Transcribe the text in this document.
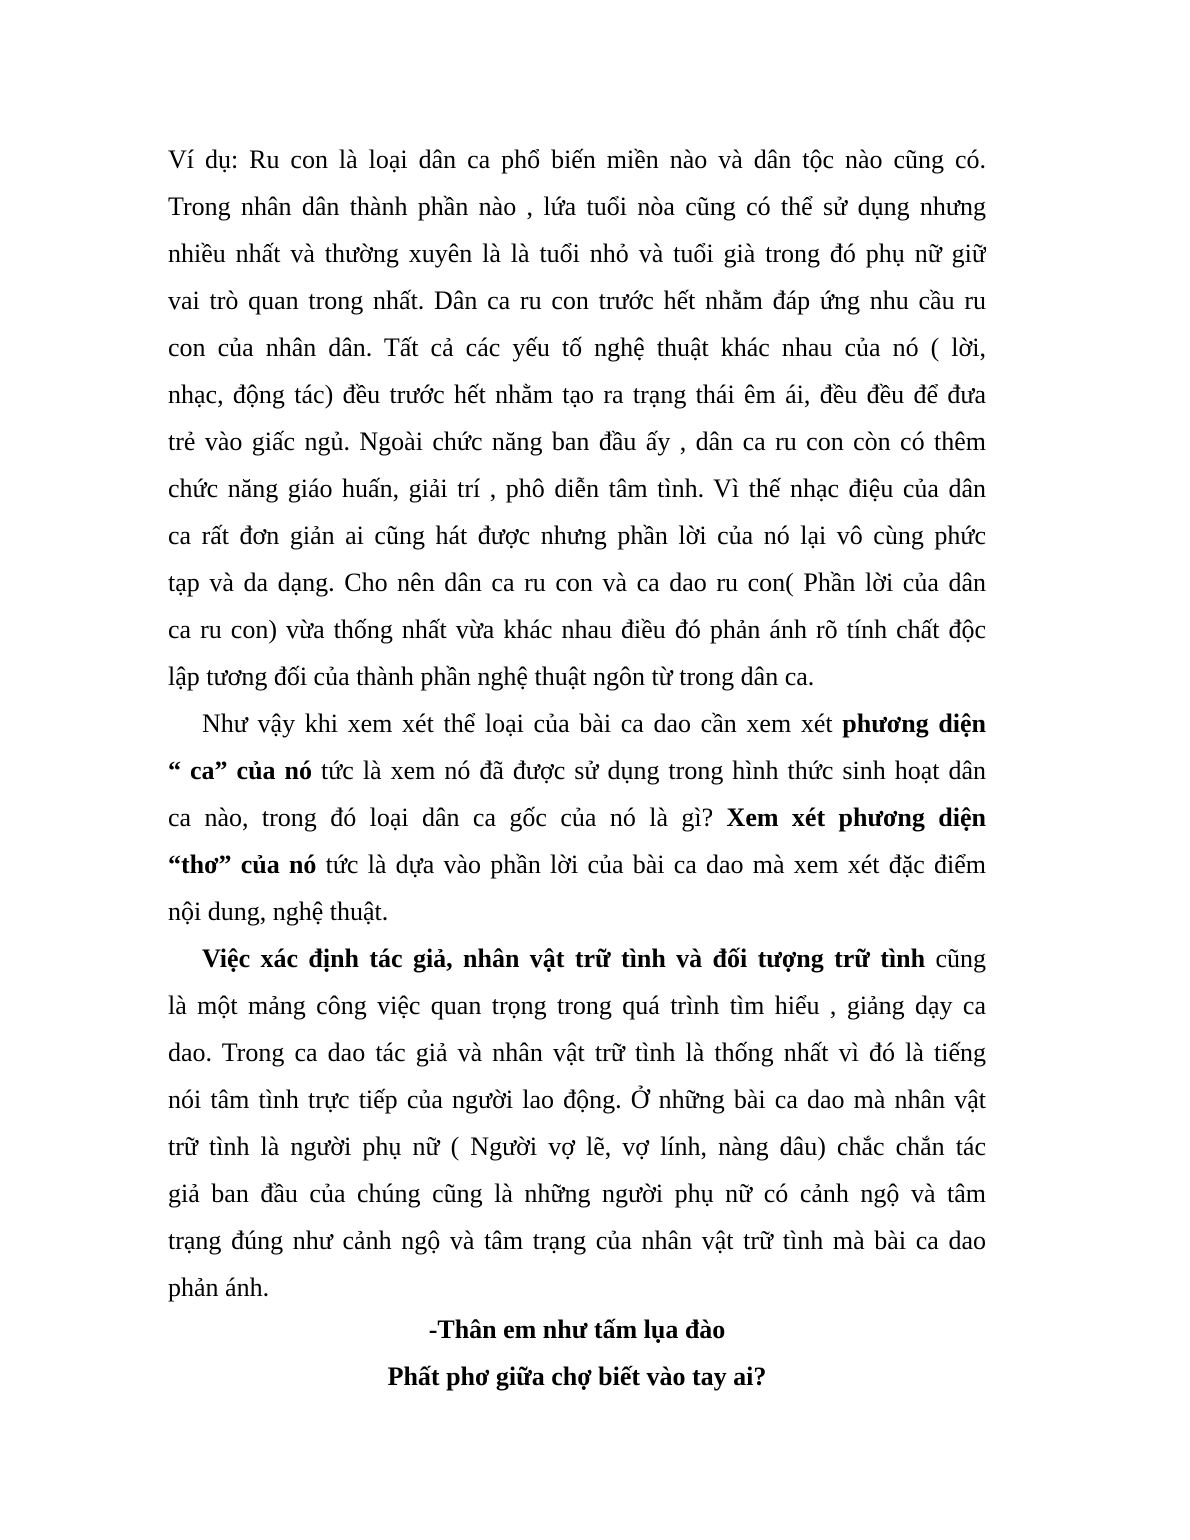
Ví dụ: Ru con là loại dân ca phổ biến miền nào và dân tộc nào cũng có.
Trong nhân dân thành phần nào , lứa tuổi nòa cũng có thể sử dụng nhưng
nhiều nhất và thường xuyên là là tuổi nhỏ và tuổi già trong đó phụ nữ giữ
vai trò quan trong nhất. Dân ca ru con trước hết nhằm đáp ứng nhu cầu ru
con của nhân dân. Tất cả các yếu tố nghệ thuật khác nhau của nó ( lời,
nhạc, động tác) đều trước hết nhằm tạo ra trạng thái êm ái, đều đều để đưa
trẻ vào giấc ngủ. Ngoài chức năng ban đầu ấy , dân ca ru con còn có thêm
chức năng giáo huấn, giải trí , phô diễn tâm tình. Vì thế nhạc điệu của dân
ca rất đơn giản ai cũng hát được nhưng phần lời của nó lại vô cùng phức
tạp và da dạng. Cho nên dân ca ru con và ca dao ru con( Phần lời của dân
ca ru con) vừa thống nhất vừa khác nhau điều đó phản ánh rõ tính chất độc
lập tương đối của thành phần nghệ thuật ngôn từ trong dân ca.
Như vậy khi xem xét thể loại của bài ca dao cần xem xét phương diện
“ ca” của nó tức là xem nó đã được sử dụng trong hình thức sinh hoạt dân
ca nào, trong đó loại dân ca gốc của nó là gì? Xem xét phương diện
“thơ” của nó tức là dựa vào phần lời của bài ca dao mà xem xét đặc điểm
nội dung, nghệ thuật.
Việc xác định tác giả, nhân vật trữ tình và đối tượng trữ tình cũng
là một mảng công việc quan trọng trong quá trình tìm hiểu , giảng dạy ca
dao. Trong ca dao tác giả và nhân vật trữ tình là thống nhất vì đó là tiếng
nói tâm tình trực tiếp của người lao động. Ở những bài ca dao mà nhân vật
trữ tình là người phụ nữ ( Người vợ lẽ, vợ lính, nàng dâu) chắc chắn tác
giả ban đầu của chúng cũng là những người phụ nữ có cảnh ngộ và tâm
trạng đúng như cảnh ngộ và tâm trạng của nhân vật trữ tình mà bài ca dao
phản ánh.
-Thân em như tấm lụa đào
Phất phơ giữa chợ biết vào tay ai?
